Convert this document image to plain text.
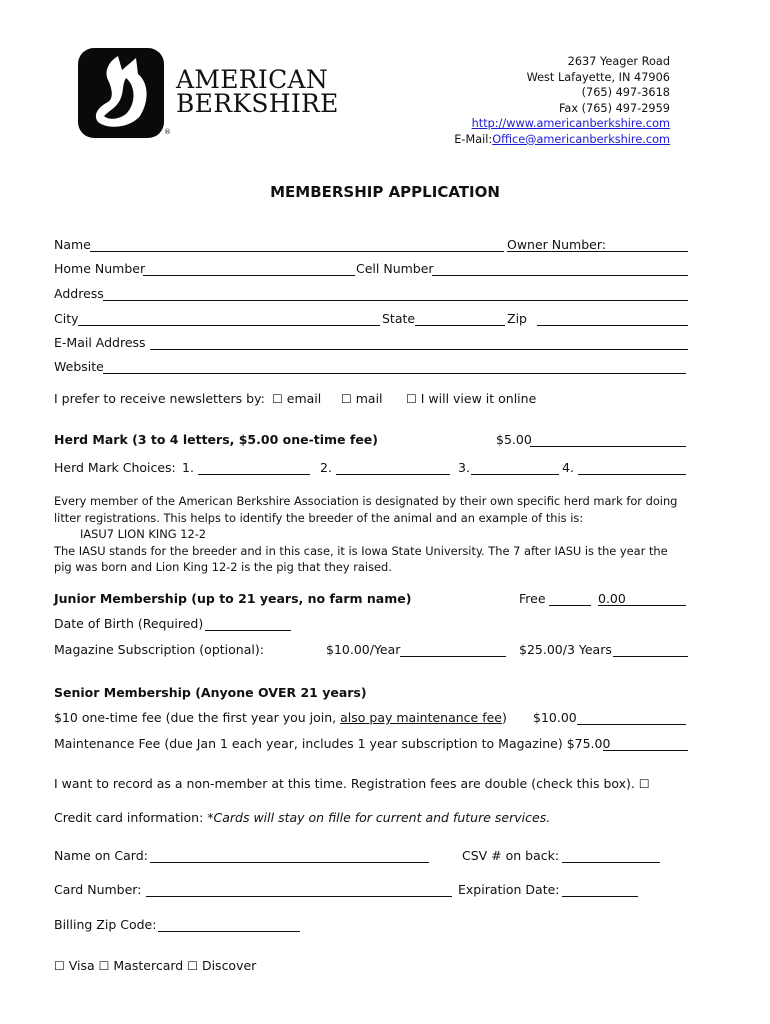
AMERICAN
BERKSHIRE
®
2637 Yeager Road
West Lafayette, IN 47906
(765) 497-3618
Fax (765) 497-2959
http://www.americanberkshire.com
E-Mail:Office@americanberkshire.com
MEMBERSHIP APPLICATION
Name	Owner Number:
Home Number	Cell Number
Address
City	State	Zip
E-Mail Address
Website
I prefer to receive newsletters by: ☐ email ☐ mail ☐ I will view it online
Herd Mark (3 to 4 letters, $5.00 one-time fee)	$5.00
Herd Mark Choices: 1.	2.	3.	4.
Every member of the American Berkshire Association is designated by their own specific herd mark for doing
litter registrations. This helps to identify the breeder of the animal and an example of this is:
IASU7 LION KING 12-2
The IASU stands for the breeder and in this case, it is Iowa State University. The 7 after IASU is the year the
pig was born and Lion King 12-2 is the pig that they raised.
Junior Membership (up to 21 years, no farm name)	Free	0.00
Date of Birth (Required)
Magazine Subscription (optional):	$10.00/Year	$25.00/3 Years
Senior Membership (Anyone OVER 21 years)
$10 one-time fee (due the first year you join, also pay maintenance fee) $10.00
Maintenance Fee (due Jan 1 each year, includes 1 year subscription to Magazine) $75.00
I want to record as a non-member at this time. Registration fees are double (check this box). ☐
Credit card information: *Cards will stay on fille for current and future services.
Name on Card:	CSV # on back:
Card Number:	Expiration Date:
Billing Zip Code:
☐ Visa ☐ Mastercard ☐ Discover
